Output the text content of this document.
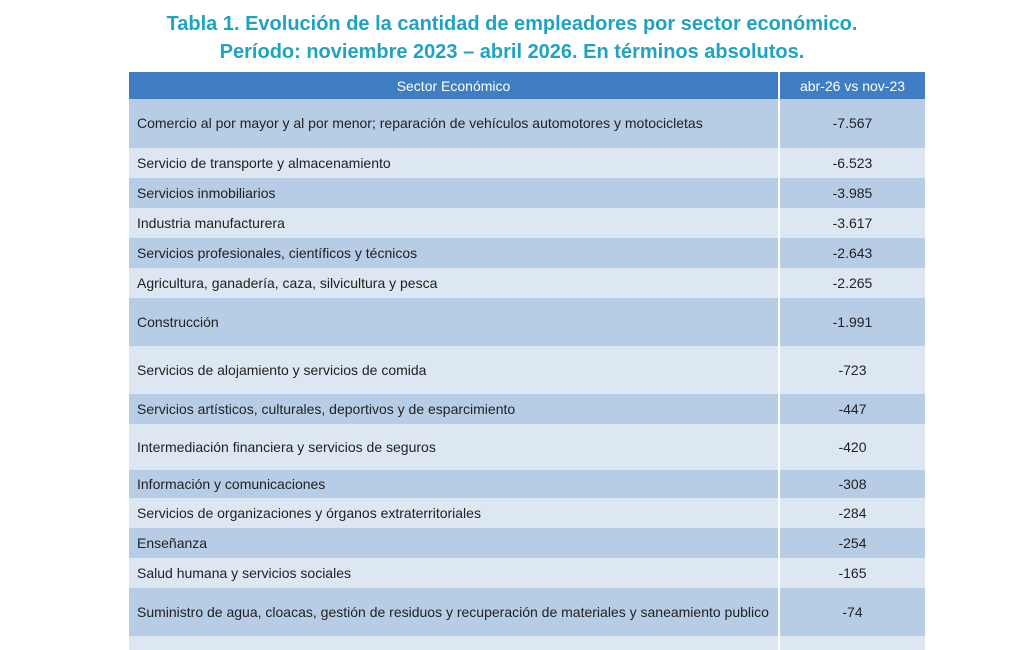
Tabla 1. Evolución de la cantidad de empleadores por sector económico.
Período: noviembre 2023 – abril 2026. En términos absolutos.
Sector Económico	abr-26 vs nov-23
Comercio al por mayor y al por menor; reparación de vehículos automotores y motocicletas	-7.567
Servicio de transporte y almacenamiento	-6.523
Servicios inmobiliarios	-3.985
Industria manufacturera	-3.617
Servicios profesionales, científicos y técnicos	-2.643
Agricultura, ganadería, caza, silvicultura y pesca	-2.265
Construcción	-1.991
Servicios de alojamiento y servicios de comida	-723
Servicios artísticos, culturales, deportivos y de esparcimiento	-447
Intermediación financiera y servicios de seguros	-420
Información y comunicaciones	-308
Servicios de organizaciones y órganos extraterritoriales	-284
Enseñanza	-254
Salud humana y servicios sociales	-165
Suministro de agua, cloacas, gestión de residuos y recuperación de materiales y saneamiento publico	-74
